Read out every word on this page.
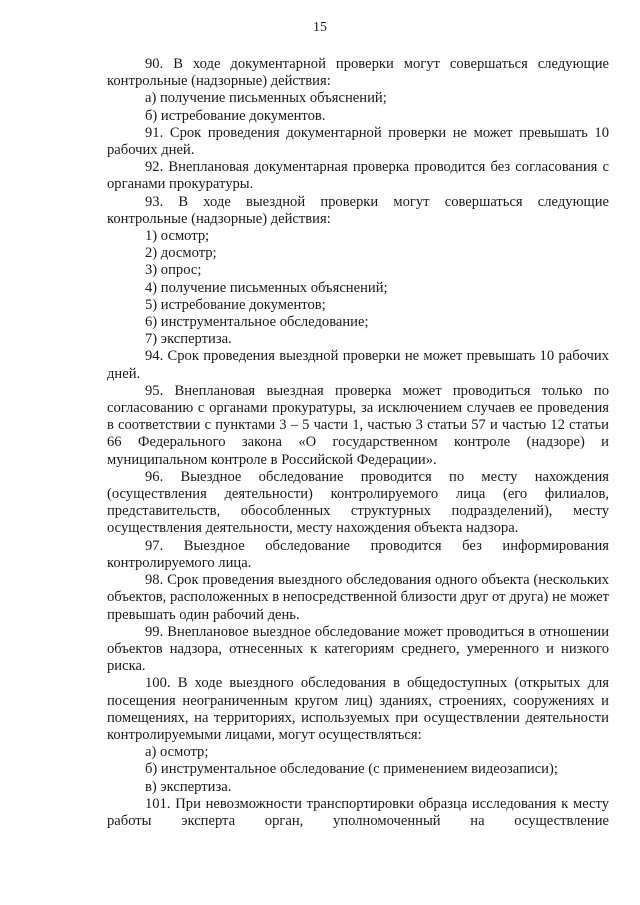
15

90. В ходе документарной проверки могут совершаться следующие контрольные (надзорные) действия:

а) получение письменных объяснений;

б) истребование документов.

91. Срок проведения документарной проверки не может превышать 10 рабочих дней.

92. Внеплановая документарная проверка проводится без согласования с органами прокуратуры.

93. В ходе выездной проверки могут совершаться следующие контрольные (надзорные) действия:

1) осмотр;

2) досмотр;

3) опрос;

4) получение письменных объяснений;

5) истребование документов;

6) инструментальное обследование;

7) экспертиза.

94. Срок проведения выездной проверки не может превышать 10 рабочих дней.

95. Внеплановая выездная проверка может проводиться только по согласованию с органами прокуратуры, за исключением случаев ее проведения в соответствии с пунктами 3 – 5 части 1, частью 3 статьи 57 и частью 12 статьи 66 Федерального закона «О государственном контроле (надзоре) и муниципальном контроле в Российской Федерации».

96. Выездное обследование проводится по месту нахождения (осуществления деятельности) контролируемого лица (его филиалов, представительств, обособленных структурных подразделений), месту осуществления деятельности, месту нахождения объекта надзора.

97. Выездное обследование проводится без информирования контролируемого лица.

98. Срок проведения выездного обследования одного объекта (нескольких объектов, расположенных в непосредственной близости друг от друга) не может превышать один рабочий день.

99. Внеплановое выездное обследование может проводиться в отношении объектов надзора, отнесенных к категориям среднего, умеренного и низкого риска.

100. В ходе выездного обследования в общедоступных (открытых для посещения неограниченным кругом лиц) зданиях, строениях, сооружениях и помещениях, на территориях, используемых при осуществлении деятельности контролируемыми лицами, могут осуществляться:

а) осмотр;

б) инструментальное обследование (с применением видеозаписи);

в) экспертиза.

101. При невозможности транспортировки образца исследования к месту работы эксперта орган, уполномоченный на осуществление
